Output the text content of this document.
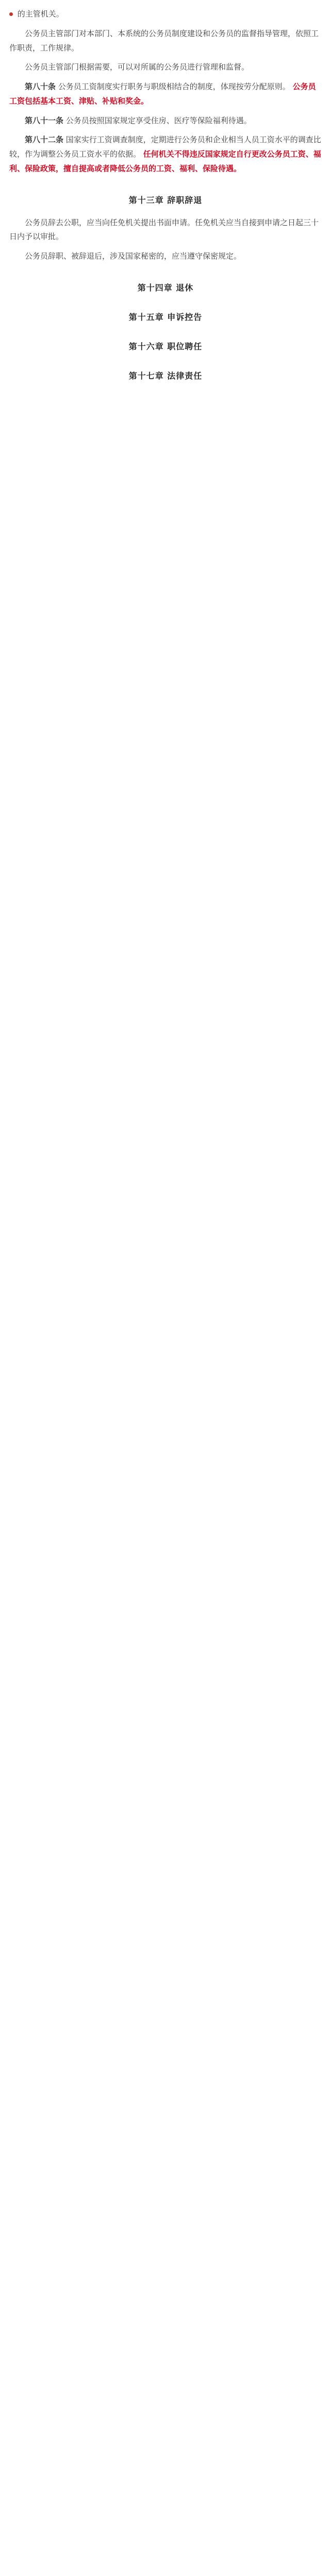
的主管机关。

公务员主管部门对本部门、本系统的公务员制度建设和公务员的监督指导管理，依照工作职责，工作规律。

公务员主管部门根据需要，可以对所属的公务员进行管理和监督。

第八十条 公务员工资制度实行职务与职级相结合的制度，体现按劳分配原则。 公务员工资包括基本工资、津贴、补贴和奖金。

第八十一条 公务员按照国家规定享受住房、医疗等保险福利待遇。

第八十二条 国家实行工资调查制度，定期进行公务员和企业相当人员工资水平的调查比较，作为调整公务员工资水平的依据。 任何机关不得违反国家规定自行更改公务员工资、福利、保险政策，擅自提高或者降低公务员的工资、福利、保险待遇。

第十三章 辞职辞退

公务员辞去公职，应当向任免机关提出书面申请。任免机关应当自接到申请之日起三十日内予以审批。

公务员辞职、被辞退后，涉及国家秘密的，应当遵守保密规定。

第十四章 退休
第十五章 申诉控告
第十六章 职位聘任
第十七章 法律责任
